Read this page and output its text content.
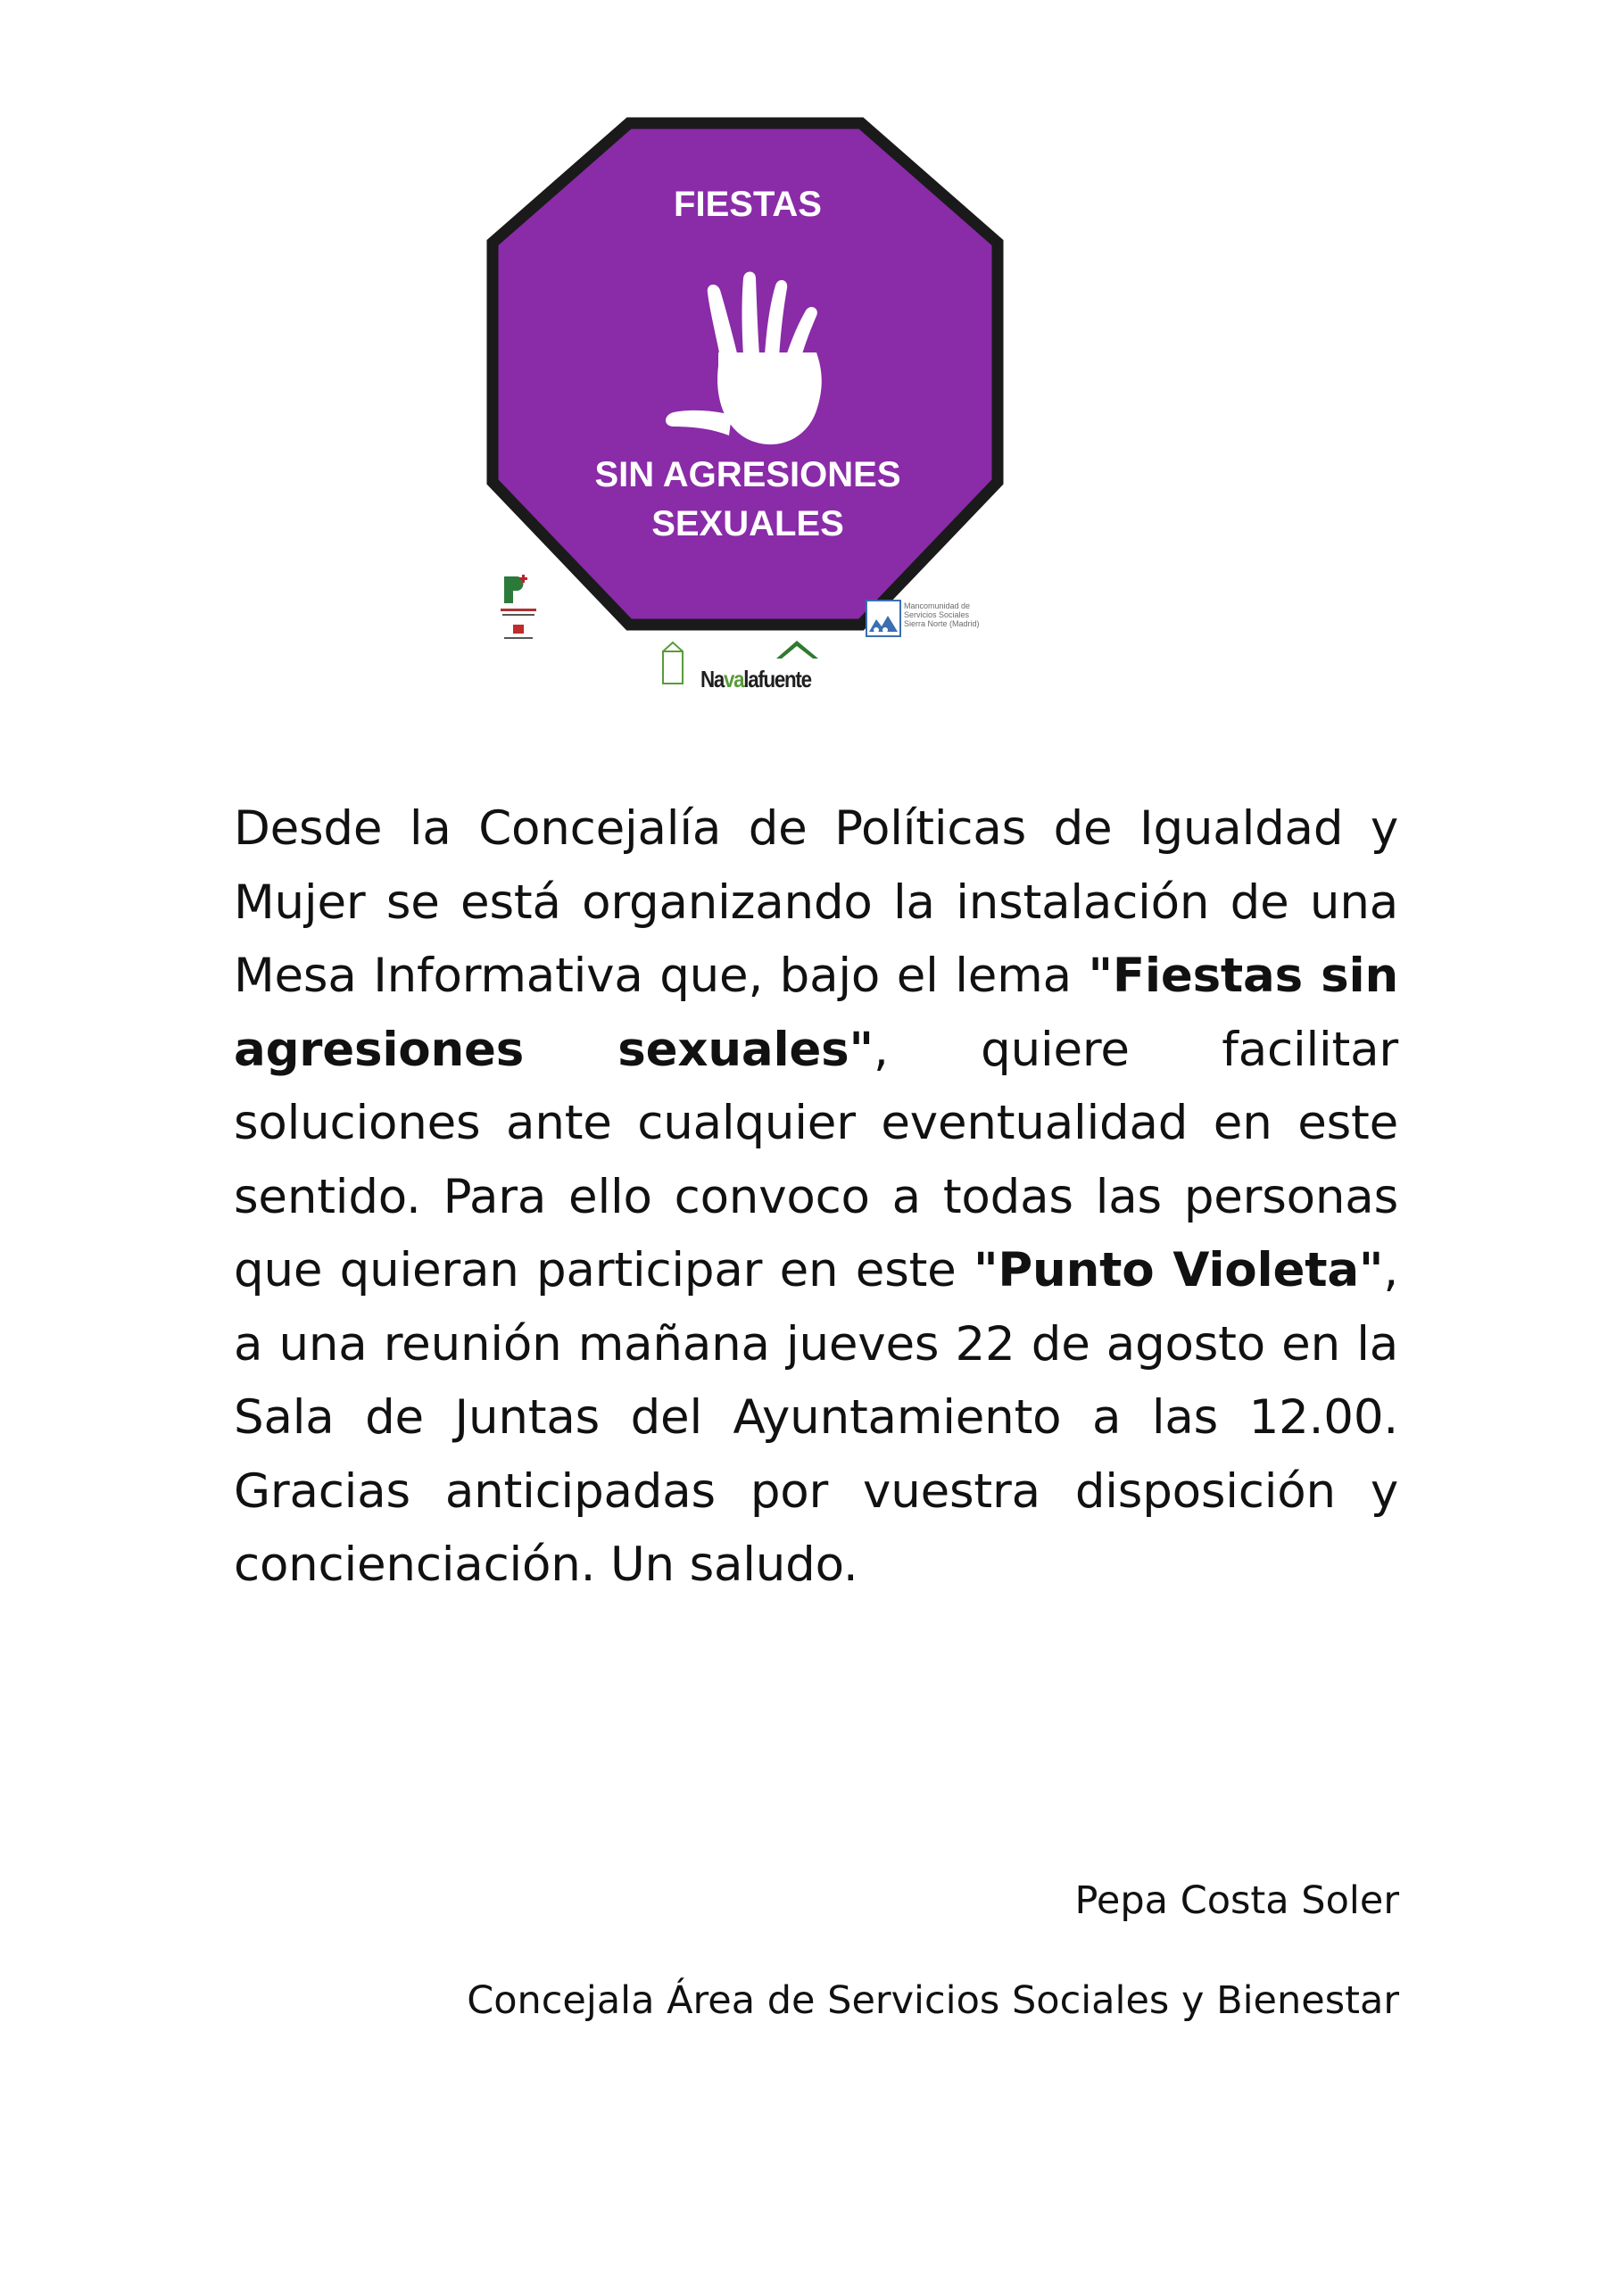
FIESTAS
SIN AGRESIONES
SEXUALES
Navalafuente
Mancomunidad de
Servicios Sociales
Sierra Norte (Madrid)

Desde la Concejalía de Políticas de Igualdad y Mujer se está organizando la instalación de una Mesa Informativa que, bajo el lema "Fiestas sin agresiones sexuales", quiere facilitar soluciones ante cualquier eventualidad en este sentido. Para ello convoco a todas las personas que quieran participar en este "Punto Violeta", a una reunión mañana jueves 22 de agosto en la Sala de Juntas del Ayuntamiento a las 12.00. Gracias anticipadas por vuestra disposición y concienciación. Un saludo.

Pepa Costa Soler
Concejala Área de Servicios Sociales y Bienestar
